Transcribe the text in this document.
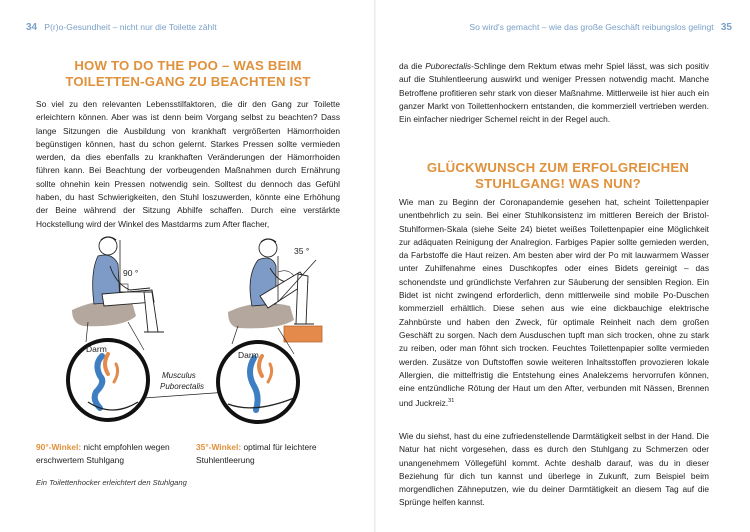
34 P(r)o-Gesundheit – nicht nur die Toilette zählt
HOW TO DO THE POO – WAS BEIM TOILETTEN-GANG ZU BEACHTEN IST
So viel zu den relevanten Lebensstilfaktoren, die dir den Gang zur Toilette erleichtern können. Aber was ist denn beim Vorgang selbst zu beachten? Dass lange Sitzungen die Ausbildung von krankhaft vergrößerten Hämorrhoiden begünstigen können, hast du schon gelernt. Starkes Pressen sollte vermieden werden, da dies ebenfalls zu krankhaften Veränderungen der Hämorrhoiden führen kann. Bei Beachtung der vorbeugenden Maßnahmen durch Ernährung sollte ohnehin kein Pressen notwendig sein. Solltest du dennoch das Gefühl haben, du hast Schwierigkeiten, den Stuhl loszuwerden, könnte eine Erhöhung der Beine während der Sitzung Abhilfe schaffen. Durch eine verstärkte Hockstellung wird der Winkel des Mastdarms zum After flacher,
90 °
Darm
Musculus
Puborectalis
35 °
Darm
90°-Winkel: nicht empfohlen wegen erschwertem Stuhlgang
35°-Winkel: optimal für leichtere Stuhlentleerung
Ein Toilettenhocker erleichtert den Stuhlgang
So wird's gemacht – wie das große Geschäft reibungslos gelingt 35
da die Puborectalis-Schlinge dem Rektum etwas mehr Spiel lässt, was sich positiv auf die Stuhlentleerung auswirkt und weniger Pressen notwendig macht. Manche Betroffene profitieren sehr stark von dieser Maßnahme. Mittlerweile ist hier auch ein ganzer Markt von Toilettenhockern entstanden, die kommerziell vertrieben werden. Ein einfacher niedriger Schemel reicht in der Regel auch.
GLÜCKWUNSCH ZUM ERFOLGREICHEN STUHLGANG! WAS NUN?
Wie man zu Beginn der Coronapandemie gesehen hat, scheint Toilettenpapier unentbehrlich zu sein. Bei einer Stuhlkonsistenz im mittleren Bereich der Bristol-Stuhlformen-Skala (siehe Seite 24) bietet weißes Toilettenpapier eine Möglichkeit zur adäquaten Reinigung der Analregion. Farbiges Papier sollte gemieden werden, da Farbstoffe die Haut reizen. Am besten aber wird der Po mit lauwarmem Wasser unter Zuhilfenahme eines Duschkopfes oder eines Bidets gereinigt – das schonendste und gründlichste Verfahren zur Säuberung der sensiblen Region. Ein Bidet ist nicht zwingend erforderlich, denn mittlerweile sind mobile Po-Duschen kommerziell erhältlich. Diese sehen aus wie eine dickbauchige elektrische Zahnbürste und haben den Zweck, für optimale Reinheit nach dem großen Geschäft zu sorgen. Nach dem Ausduschen tupft man sich trocken, ohne zu stark zu reiben, oder man föhnt sich trocken. Feuchtes Toilettenpapier sollte vermieden werden. Zusätze von Duftstoffen sowie weiteren Inhaltsstoffen provozieren lokale Allergien, die mittelfristig die Entstehung eines Analekzems hervorrufen können, eine entzündliche Rötung der Haut um den After, verbunden mit Nässen, Brennen und Juckreiz.$^{31}$
Wie du siehst, hast du eine zufriedenstellende Darmtätigkeit selbst in der Hand. Die Natur hat nicht vorgesehen, dass es durch den Stuhlgang zu Schmerzen oder unangenehmem Völlegefühl kommt. Achte deshalb darauf, was du in dieser Beziehung für dich tun kannst und überlege in Zukunft, zum Beispiel beim morgendlichen Zähneputzen, wie du deiner Darmtätigkeit an diesem Tag auf die Sprünge helfen kannst.
